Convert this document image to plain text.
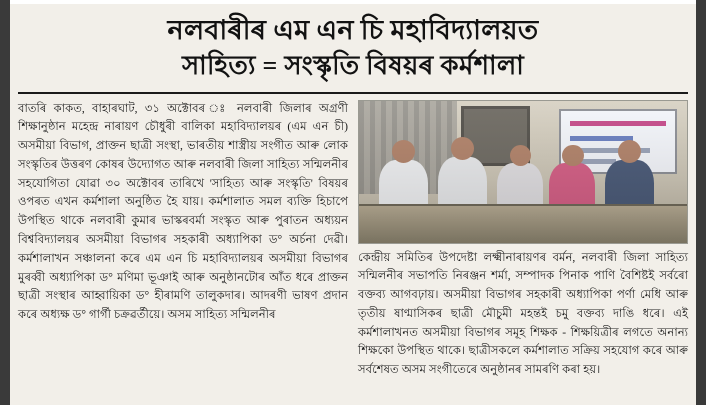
নলবাৰীৰ এম এন চি মহাবিদ্যালয়ত
সাহিত্য = সংস্কৃতি বিষয়ৰ কৰ্মশালা

বাতৰি কাকত, বাহাৰঘাট, ৩১ অক্টোবৰ ঃ নলবাৰী জিলাৰ অগ্ৰণী শিক্ষানুষ্ঠান মহেন্দ্ৰ নাৰায়ণ চৌধুৰী বালিকা মহাবিদ্যালয়ৰ (এম এন চী) অসমীয়া বিভাগ, প্ৰাক্তন ছাত্ৰী সংস্থা, ভাৰতীয় শাস্ত্ৰীয় সংগীত আৰু লোক সংস্কৃতিৰ উত্তৰণ কোষৰ উদ্যোগত আৰু নলবাৰী জিলা সাহিত্য সন্মিলনীৰ সহযোগিতা যোৱা ৩০ অক্টোবৰ তাৰিখে 'সাহিত্য আৰু সংস্কৃতি' বিষয়ৰ ওপৰত এখন কৰ্মশালা অনুষ্ঠিত হৈ যায়। কৰ্মশালাত সমল ব্যক্তি হিচাপে উপস্থিত থাকে নলবাৰী কুমাৰ ভাস্কৰবৰ্মা সংস্কৃত আৰু পুৰাতন অধ্যয়ন বিশ্ববিদ্যালয়ৰ অসমীয়া বিভাগৰ সহকাৰী অধ্যাপিকা ড° অৰ্চনা দেৱী। কৰ্মশালাখন সঞ্চালনা কৰে এম এন চি মহাবিদ্যালয়ৰ অসমীয়া বিভাগৰ মুৰব্বী অধ্যাপিকা ড° মণিমা ভূঞাই আৰু অনুষ্ঠানটোৰ আঁত ধৰে প্ৰাক্তন ছাত্ৰী সংস্থাৰ আহ্বায়িকা ড° হীৰামণি তালুকদাৰ। আদৰণী ভাষণ প্ৰদান কৰে অধ্যক্ষ ড° গাৰ্গী চক্ৰৱৰ্তীয়ে। অসম সাহিত্য সন্মিলনীৰ

কেন্দ্ৰীয় সমিতিৰ উপদেষ্টা লক্ষ্মীনাৰায়ণৰ বৰ্মন, নলবাৰী জিলা সাহিত্য সন্মিলনীৰ সভাপতি নিৰঞ্জন শৰ্মা, সম্পাদক পিনাক পাণি বৈশিষ্টই সৰ্বৰো বক্তব্য আগবঢ়ায়। অসমীয়া বিভাগৰ সহকাৰী অধ্যাপিকা পৰ্ণা মেধি আৰু তৃতীয় ষাণ্মাসিকৰ ছাত্ৰী মৌচুমী মহন্তই চমু বক্তব্য দাঙি ধৰে। এই কৰ্মশালাখনত অসমীয়া বিভাগৰ সমূহ শিক্ষক - শিক্ষয়িত্ৰীৰ লগতে অনান্য শিক্ষকো উপস্থিত থাকে। ছাত্ৰীসকলে কৰ্মশালাত সক্ৰিয় সহযোগ কৰে আৰু সৰ্বশেষত অসম সংগীতেৰে অনুষ্ঠানৰ সামৰণি কৰা হয়।
